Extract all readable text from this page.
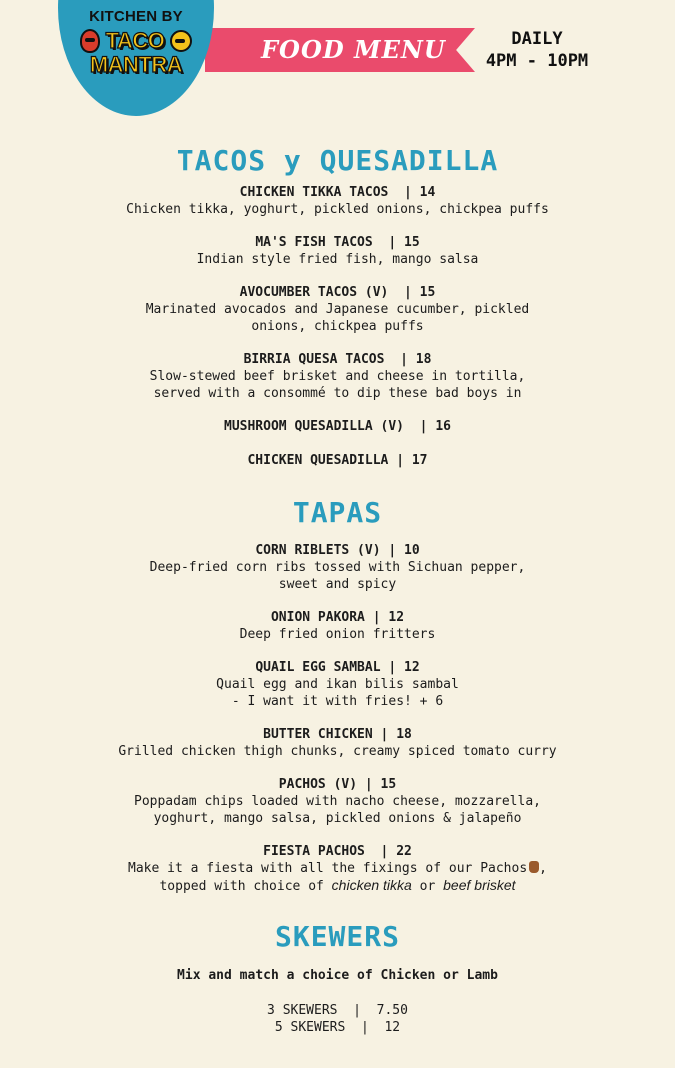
KITCHEN BY
TACO
MANTRA
FOOD MENU	DAILY
4PM - 10PM
TACOS y QUESADILLA
CHICKEN TIKKA TACOS  | 14
Chicken tikka, yoghurt, pickled onions, chickpea puffs
MA'S FISH TACOS  | 15
Indian style fried fish, mango salsa
AVOCUMBER TACOS (V)  | 15
Marinated avocados and Japanese cucumber, pickled
onions, chickpea puffs
BIRRIA QUESA TACOS  | 18
Slow-stewed beef brisket and cheese in tortilla,
served with a consommé to dip these bad boys in
MUSHROOM QUESADILLA (V)  | 16
CHICKEN QUESADILLA | 17
TAPAS
CORN RIBLETS (V) | 10
Deep-fried corn ribs tossed with Sichuan pepper,
sweet and spicy
ONION PAKORA | 12
Deep fried onion fritters
QUAIL EGG SAMBAL | 12
Quail egg and ikan bilis sambal
- I want it with fries! + 6
BUTTER CHICKEN | 18
Grilled chicken thigh chunks, creamy spiced tomato curry
PACHOS (V) | 15
Poppadam chips loaded with nacho cheese, mozzarella,
yoghurt, mango salsa, pickled onions & jalapeño
FIESTA PACHOS  | 22
Make it a fiesta with all the fixings of our Pachos ,
topped with choice of chicken tikka or beef brisket
SKEWERS
Mix and match a choice of Chicken or Lamb
3 SKEWERS  |  7.50
5 SKEWERS  |  12
